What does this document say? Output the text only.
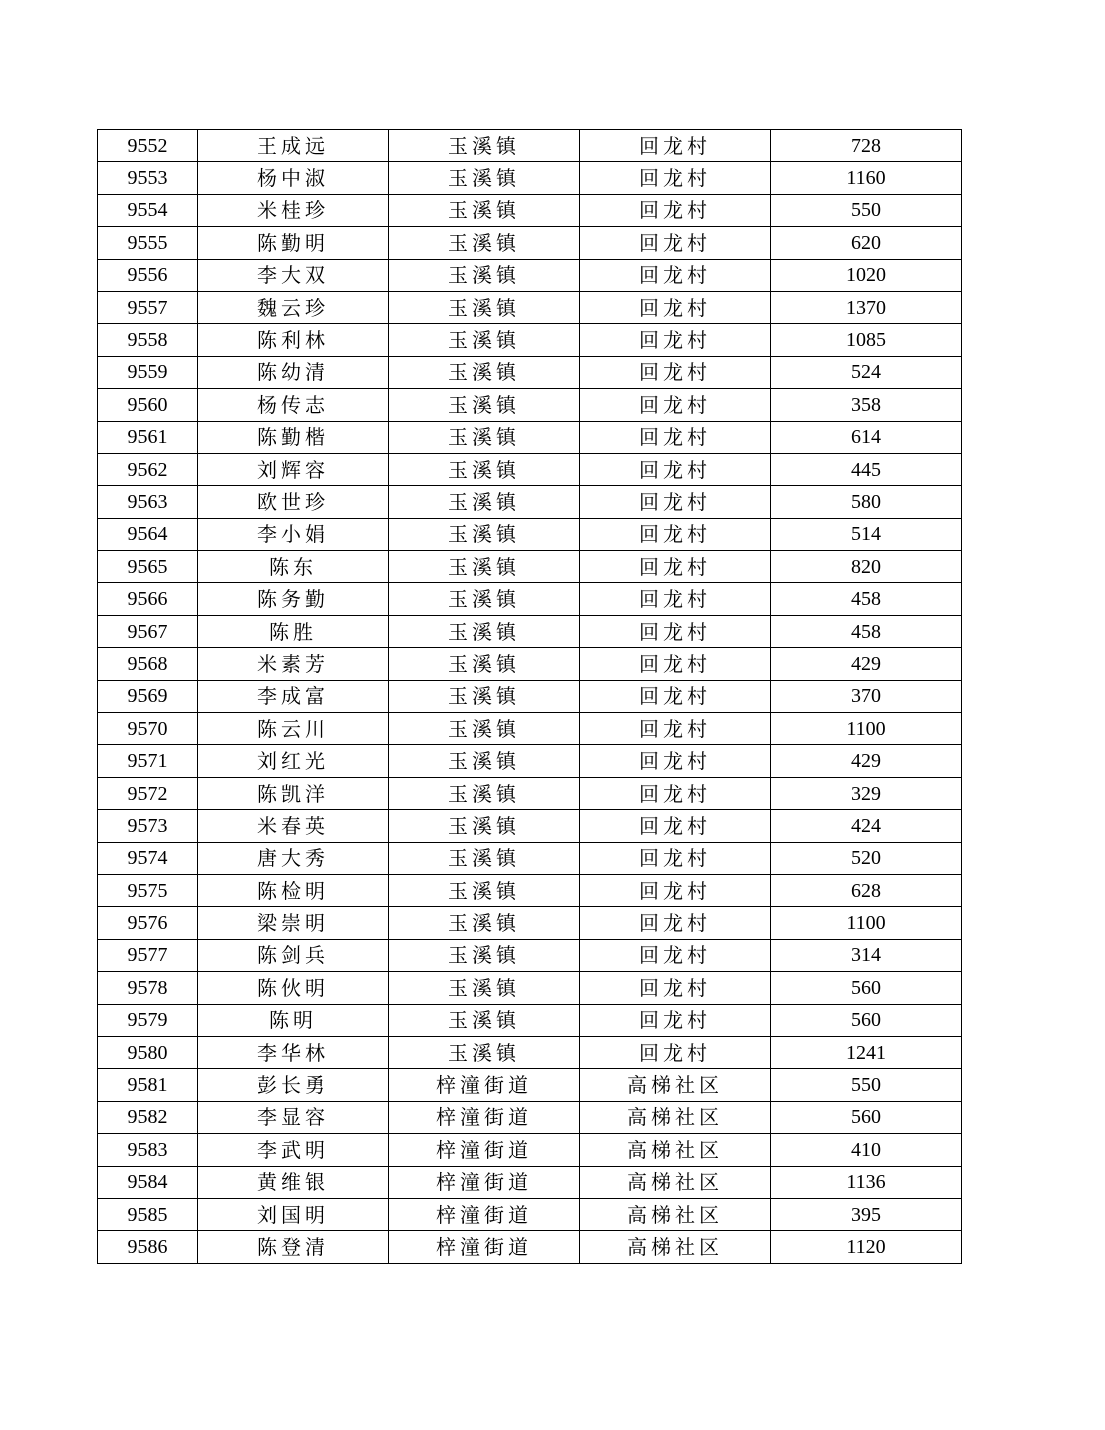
9552	王成远	玉溪镇	回龙村	728
9553	杨中淑	玉溪镇	回龙村	1160
9554	米桂珍	玉溪镇	回龙村	550
9555	陈勤明	玉溪镇	回龙村	620
9556	李大双	玉溪镇	回龙村	1020
9557	魏云珍	玉溪镇	回龙村	1370
9558	陈利林	玉溪镇	回龙村	1085
9559	陈幼清	玉溪镇	回龙村	524
9560	杨传志	玉溪镇	回龙村	358
9561	陈勤楷	玉溪镇	回龙村	614
9562	刘辉容	玉溪镇	回龙村	445
9563	欧世珍	玉溪镇	回龙村	580
9564	李小娟	玉溪镇	回龙村	514
9565	陈东	玉溪镇	回龙村	820
9566	陈务勤	玉溪镇	回龙村	458
9567	陈胜	玉溪镇	回龙村	458
9568	米素芳	玉溪镇	回龙村	429
9569	李成富	玉溪镇	回龙村	370
9570	陈云川	玉溪镇	回龙村	1100
9571	刘红光	玉溪镇	回龙村	429
9572	陈凯洋	玉溪镇	回龙村	329
9573	米春英	玉溪镇	回龙村	424
9574	唐大秀	玉溪镇	回龙村	520
9575	陈检明	玉溪镇	回龙村	628
9576	梁崇明	玉溪镇	回龙村	1100
9577	陈剑兵	玉溪镇	回龙村	314
9578	陈伙明	玉溪镇	回龙村	560
9579	陈明	玉溪镇	回龙村	560
9580	李华林	玉溪镇	回龙村	1241
9581	彭长勇	梓潼街道	高梯社区	550
9582	李显容	梓潼街道	高梯社区	560
9583	李武明	梓潼街道	高梯社区	410
9584	黄维银	梓潼街道	高梯社区	1136
9585	刘国明	梓潼街道	高梯社区	395
9586	陈登清	梓潼街道	高梯社区	1120
